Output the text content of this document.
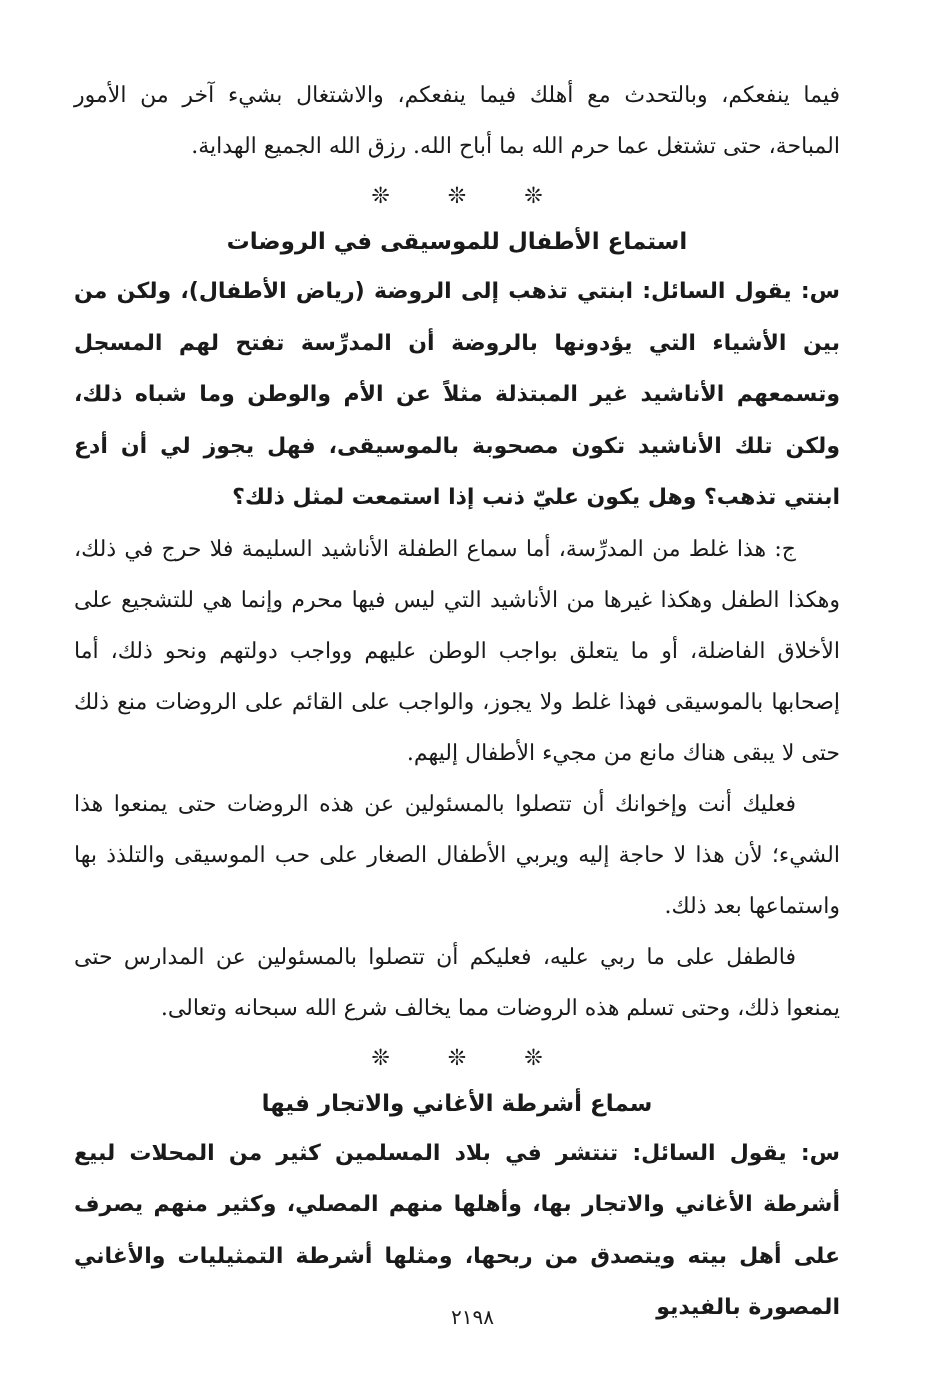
فيما ينفعكم، وبالتحدث مع أهلك فيما ينفعكم، والاشتغال بشيء آخر من الأمور المباحة، حتى تشتغل عما حرم الله بما أباح الله. رزق الله الجميع الهداية.

❊
❊
❊
استماع الأطفال للموسيقى في الروضات

س: يقول السائل: ابنتي تذهب إلى الروضة (رياض الأطفال)، ولكن من بين الأشياء التي يؤدونها بالروضة أن المدرِّسة تفتح لهم المسجل وتسمعهم الأناشيد غير المبتذلة مثلاً عن الأم والوطن وما شباه ذلك، ولكن تلك الأناشيد تكون مصحوبة بالموسيقى، فهل يجوز لي أن أدع ابنتي تذهب؟ وهل يكون عليّ ذنب إذا استمعت لمثل ذلك؟

ج: هذا غلط من المدرِّسة، أما سماع الطفلة الأناشيد السليمة فلا حرج في ذلك، وهكذا الطفل وهكذا غيرها من الأناشيد التي ليس فيها محرم وإنما هي للتشجيع على الأخلاق الفاضلة، أو ما يتعلق بواجب الوطن عليهم وواجب دولتهم ونحو ذلك، أما إصحابها بالموسيقى فهذا غلط ولا يجوز، والواجب على القائم على الروضات منع ذلك حتى لا يبقى هناك مانع من مجيء الأطفال إليهم.

فعليك أنت وإخوانك أن تتصلوا بالمسئولين عن هذه الروضات حتى يمنعوا هذا الشيء؛ لأن هذا لا حاجة إليه ويربي الأطفال الصغار على حب الموسيقى والتلذذ بها واستماعها بعد ذلك.

فالطفل على ما ربي عليه، فعليكم أن تتصلوا بالمسئولين عن المدارس حتى يمنعوا ذلك، وحتى تسلم هذه الروضات مما يخالف شرع الله سبحانه وتعالى.

❊
❊
❊
سماع أشرطة الأغاني والاتجار فيها

س: يقول السائل: تنتشر في بلاد المسلمين كثير من المحلات لبيع أشرطة الأغاني والاتجار بها، وأهلها منهم المصلي، وكثير منهم يصرف على أهل بيته ويتصدق من ربحها، ومثلها أشرطة التمثيليات والأغاني المصورة بالفيديو

٢١٩٨
